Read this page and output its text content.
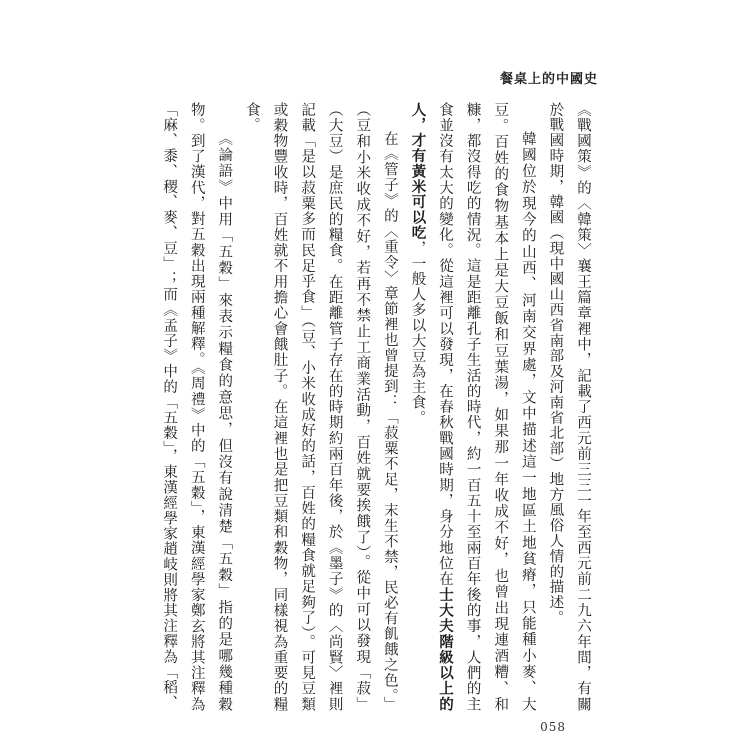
餐桌上的中國史

《戰國策》的〈韓策〉襄王篇章裡中，記載了西元前三三一年至西元前二九六年間，有關於戰國時期，韓國（現中國山西省南部及河南省北部）地方風俗人情的描述。

韓國位於現今的山西、河南交界處，文中描述這一地區土地貧瘠，只能種小麥、大豆。百姓的食物基本上是大豆飯和豆葉湯，如果那一年收成不好，也曾出現連酒糟、和糠，都沒得吃的情況。這是距離孔子生活的時代，約一百五十至兩百年後的事，人們的主食並沒有太大的變化。從這裡可以發現，在春秋戰國時期，身分地位在士大夫階級以上的人，才有黃米可以吃，一般人多以大豆為主食。

在《管子》的〈重令〉章節裡也曾提到：「菽粟不足，末生不禁，民必有飢餓之色。」（豆和小米收成不好，若再不禁止工商業活動，百姓就要挨餓了）。從中可以發現「菽」（大豆）是庶民的糧食。在距離管子存在的時期約兩百年後，於《墨子》的〈尚賢〉裡則記載「是以菽粟多而民足乎食」（豆、小米收成好的話，百姓的糧食就足夠了）。可見豆類或穀物豐收時，百姓就不用擔心會餓肚子。在這裡也是把豆類和穀物，同樣視為重要的糧食。

《論語》中用「五穀」來表示糧食的意思，但沒有說清楚「五穀」指的是哪幾種穀物。到了漢代，對五穀出現兩種解釋。《周禮》中的「五穀」，東漢經學家鄭玄將其注釋為「麻、黍、稷、麥、豆」；而《孟子》中的「五穀」，東漢經學家趙岐則將其注釋為「稻、

058
